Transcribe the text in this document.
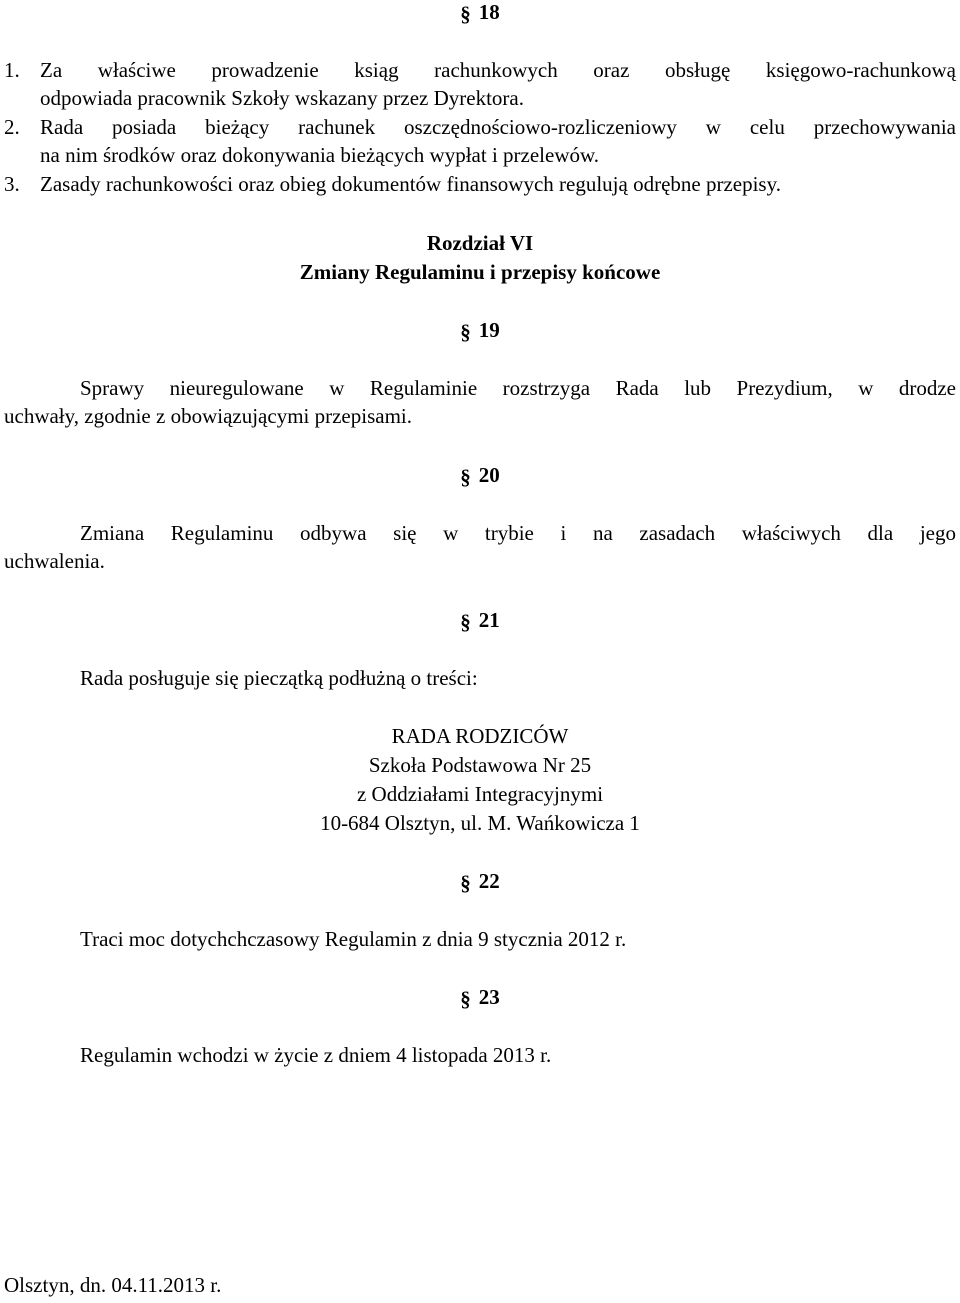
§ 18
1. Za właściwe prowadzenie ksiąg rachunkowych oraz obsługę księgowo-rachunkową
odpowiada pracownik Szkoły wskazany przez Dyrektora.
2. Rada posiada bieżący rachunek oszczędnościowo-rozliczeniowy w celu przechowywania
na nim środków oraz dokonywania bieżących wypłat i przelewów.
3. Zasady rachunkowości oraz obieg dokumentów finansowych regulują odrębne przepisy.
Rozdział VI
Zmiany Regulaminu i przepisy końcowe
§ 19
Sprawy nieuregulowane w Regulaminie rozstrzyga Rada lub Prezydium, w drodze
uchwały, zgodnie z obowiązującymi przepisami.
§ 20
Zmiana Regulaminu odbywa się w trybie i na zasadach właściwych dla jego
uchwalenia.
§ 21
Rada posługuje się pieczątką podłużną o treści:
RADA RODZICÓW
Szkoła Podstawowa Nr 25
z Oddziałami Integracyjnymi
10-684 Olsztyn, ul. M. Wańkowicza 1
§ 22
Traci moc dotychchczasowy Regulamin z dnia 9 stycznia 2012 r.
§ 23
Regulamin wchodzi w życie z dniem 4 listopada 2013 r.
Olsztyn, dn. 04.11.2013 r.
